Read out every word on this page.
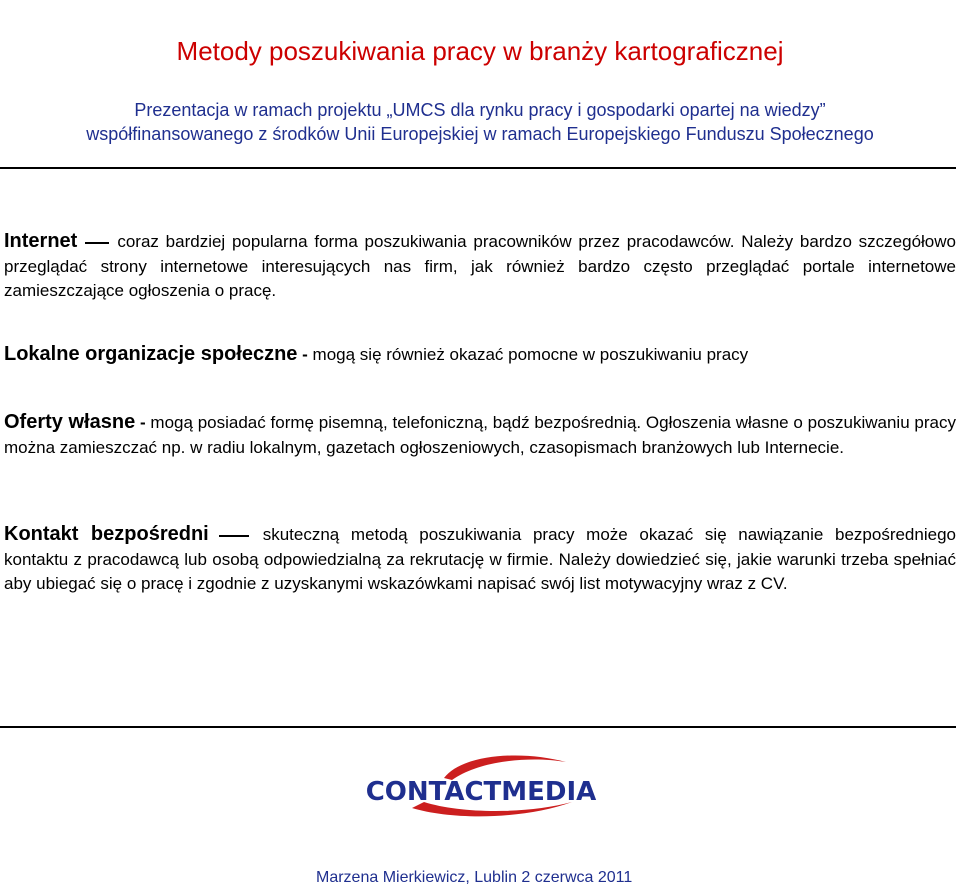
Metody poszukiwania pracy w branży kartograficznej
Prezentacja w ramach projektu „UMCS dla rynku pracy i gospodarki opartej na wiedzy”
współfinansowanego z środków Unii Europejskiej w ramach Europejskiego Funduszu Społecznego
Internet coraz bardziej popularna forma poszukiwania pracowników przez pracodawców. Należy bardzo szczegółowo przeglądać strony internetowe interesujących nas firm, jak również bardzo często przeglądać portale internetowe zamieszczające ogłoszenia o pracę.
Lokalne organizacje społeczne - mogą się również okazać pomocne w poszukiwaniu pracy
Oferty własne - mogą posiadać formę pisemną, telefoniczną, bądź bezpośrednią. Ogłoszenia własne o poszukiwaniu pracy można zamieszczać np. w radiu lokalnym, gazetach ogłoszeniowych, czasopismach branżowych lub Internecie.
Kontakt bezpośredni	skuteczną metodą poszukiwania pracy może okazać się nawiązanie bezpośredniego kontaktu z pracodawcą lub osobą odpowiedzialną za rekrutację w firmie. Należy dowiedzieć się, jakie warunki trzeba spełniać aby ubiegać się o pracę i zgodnie z uzyskanymi wskazówkami napisać swój list motywacyjny wraz z CV.
CONTACTMEDIA
Marzena Mierkiewicz, Lublin 2 czerwca 2011
